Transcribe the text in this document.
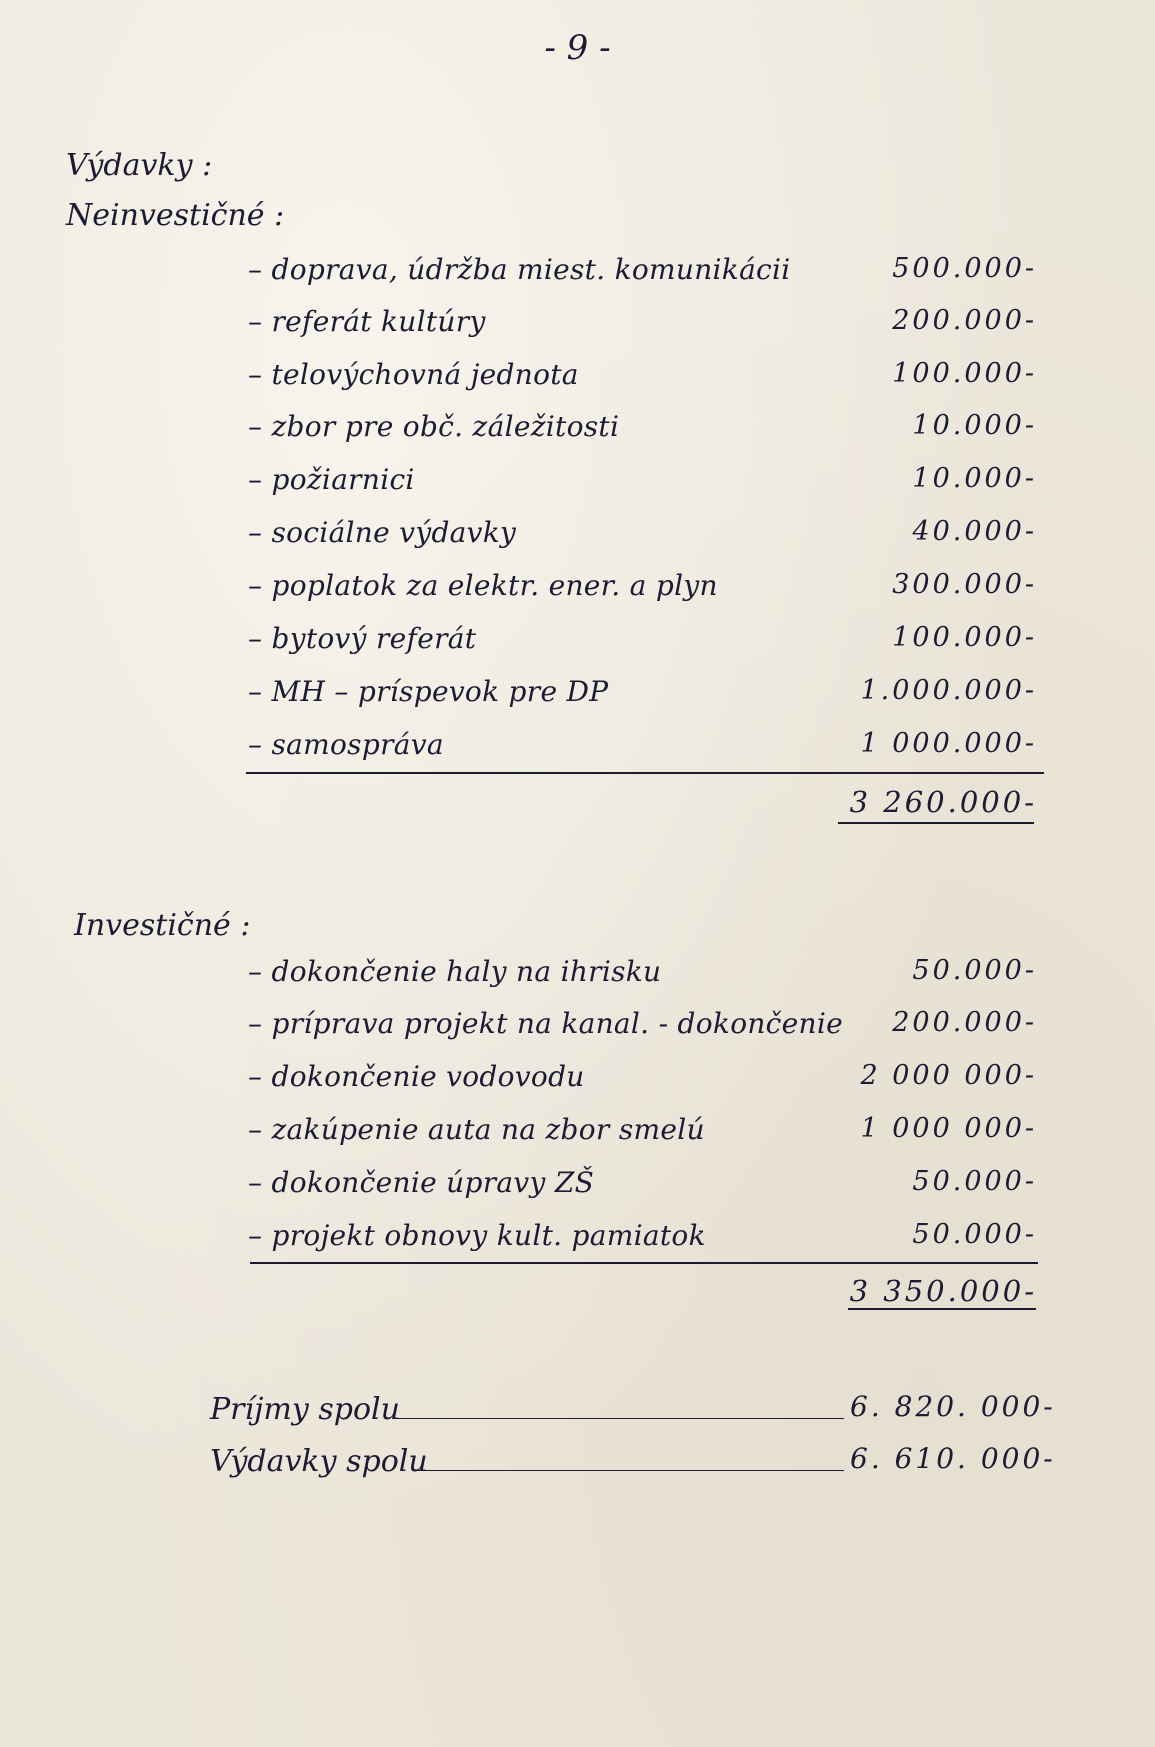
- 9 -
Výdavky :
Neinvestičné :
– doprava, údržba miest. komunikácii	500.000-
– referát kultúry	200.000-
– telovýchovná jednota	100.000-
– zbor pre obč. záležitosti	10.000-
– požiarnici	10.000-
– sociálne výdavky	40.000-
– poplatok za elektr. ener. a plyn	300.000-
– bytový referát	100.000-
– MH – príspevok pre DP	1.000.000-
– samospráva	1 000.000-
3 260.000-
Investičné :
– dokončenie haly na ihrisku	50.000-
– príprava projekt na kanal. - dokončenie 200.000-
– dokončenie vodovodu	2 000 000-
– zakúpenie auta na zbor smelú	1 000 000-
– dokončenie úpravy ZŠ	50.000-
– projekt obnovy kult. pamiatok	50.000-
3 350.000-
Príjmy spolu	6. 820. 000-
Výdavky spolu	6. 610. 000-
